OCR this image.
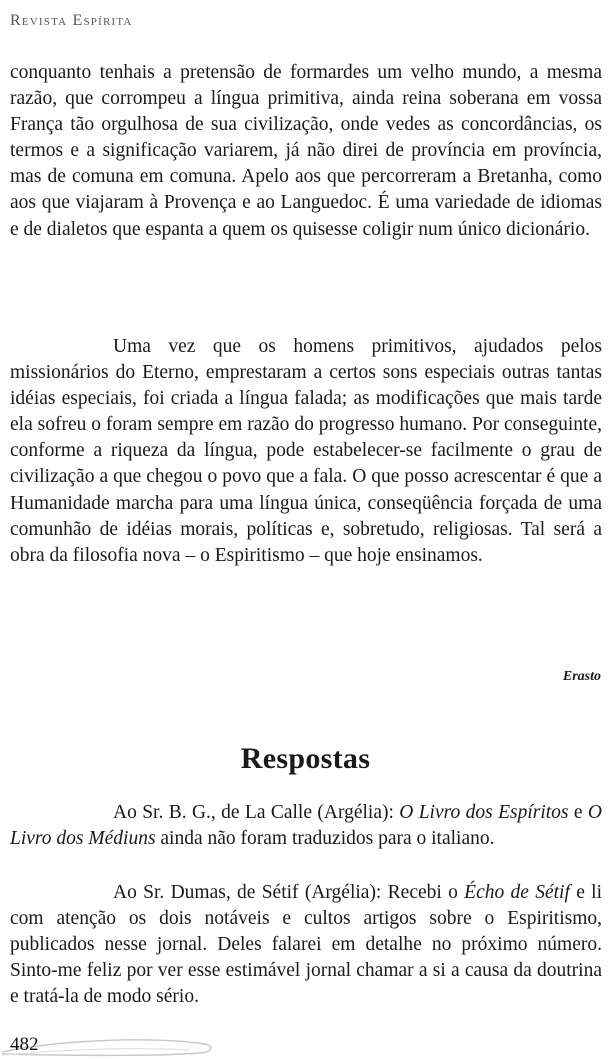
Revista Espírita

conquanto tenhais a pretensão de formardes um velho mundo, a mesma razão, que corrompeu a língua primitiva, ainda reina soberana em vossa França tão orgulhosa de sua civilização, onde vedes as concordâncias, os termos e a significação variarem, já não direi de província em província, mas de comuna em comuna. Apelo aos que percorreram a Bretanha, como aos que viajaram à Provença e ao Languedoc. É uma variedade de idiomas e de dialetos que espanta a quem os quisesse coligir num único dicionário.

Uma vez que os homens primitivos, ajudados pelos missionários do Eterno, emprestaram a certos sons especiais outras tantas idéias especiais, foi criada a língua falada; as modificações que mais tarde ela sofreu o foram sempre em razão do progresso humano. Por conseguinte, conforme a riqueza da língua, pode estabelecer-se facilmente o grau de civilização a que chegou o povo que a fala. O que posso acrescentar é que a Humanidade marcha para uma língua única, conseqüência forçada de uma comunhão de idéias morais, políticas e, sobretudo, religiosas. Tal será a obra da filosofia nova – o Espiritismo – que hoje ensinamos.

Erasto
Respostas

Ao Sr. B. G., de La Calle (Argélia): O Livro dos Espíritos e O Livro dos Médiuns ainda não foram traduzidos para o italiano.

Ao Sr. Dumas, de Sétif (Argélia): Recebi o Écho de Sétif e li com atenção os dois notáveis e cultos artigos sobre o Espiritismo, publicados nesse jornal. Deles falarei em detalhe no próximo número. Sinto-me feliz por ver esse estimável jornal chamar a si a causa da doutrina e tratá-la de modo sério.

482
